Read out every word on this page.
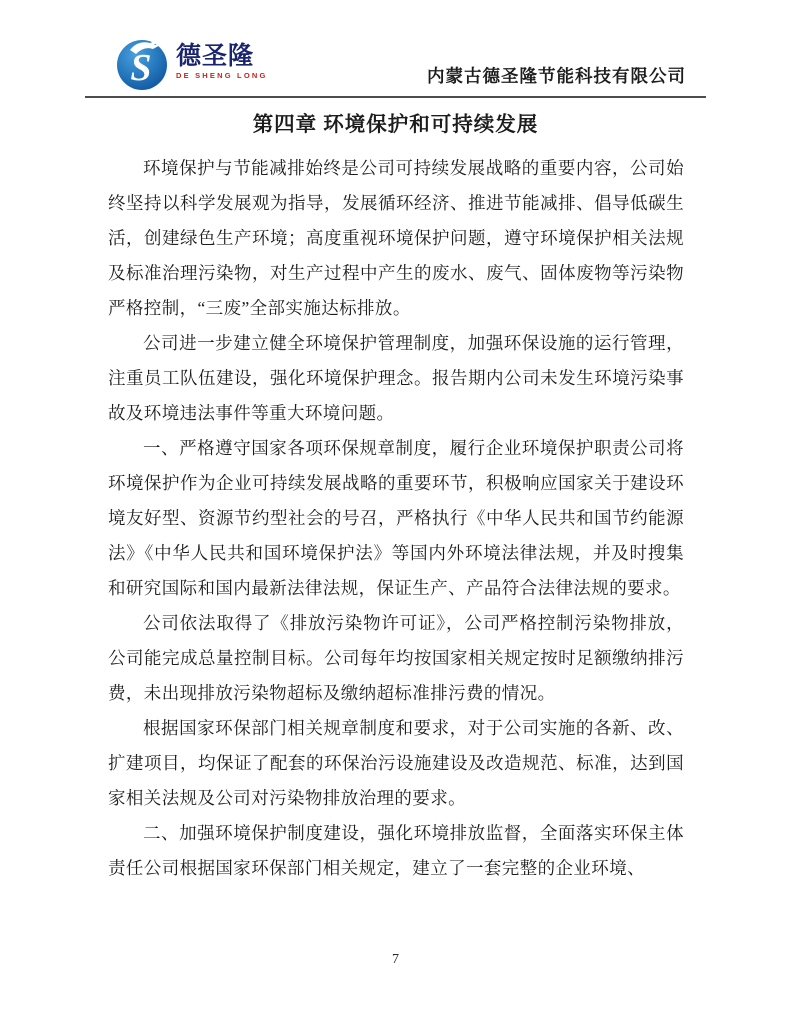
S 德圣隆
DE SHENG LONG	内蒙古德圣隆节能科技有限公司
第四章 环境保护和可持续发展

环境保护与节能减排始终是公司可持续发展战略的重要内容，公司始终坚持以科学发展观为指导，发展循环经济、推进节能减排、倡导低碳生活，创建绿色生产环境；高度重视环境保护问题，遵守环境保护相关法规及标准治理污染物，对生产过程中产生的废水、废气、固体废物等污染物严格控制，“三废”全部实施达标排放。

公司进一步建立健全环境保护管理制度，加强环保设施的运行管理，注重员工队伍建设，强化环境保护理念。报告期内公司未发生环境污染事故及环境违法事件等重大环境问题。

一、严格遵守国家各项环保规章制度，履行企业环境保护职责公司将环境保护作为企业可持续发展战略的重要环节，积极响应国家关于建设环境友好型、资源节约型社会的号召，严格执行《中华人民共和国节约能源法》《中华人民共和国环境保护法》等国内外环境法律法规，并及时搜集和研究国际和国内最新法律法规，保证生产、产品符合法律法规的要求。

公司依法取得了《排放污染物许可证》，公司严格控制污染物排放，公司能完成总量控制目标。公司每年均按国家相关规定按时足额缴纳排污费，未出现排放污染物超标及缴纳超标准排污费的情况。

根据国家环保部门相关规章制度和要求，对于公司实施的各新、改、扩建项目，均保证了配套的环保治污设施建设及改造规范、标准，达到国家相关法规及公司对污染物排放治理的要求。

二、加强环境保护制度建设，强化环境排放监督，全面落实环保主体责任公司根据国家环保部门相关规定，建立了一套完整的企业环境、

7
